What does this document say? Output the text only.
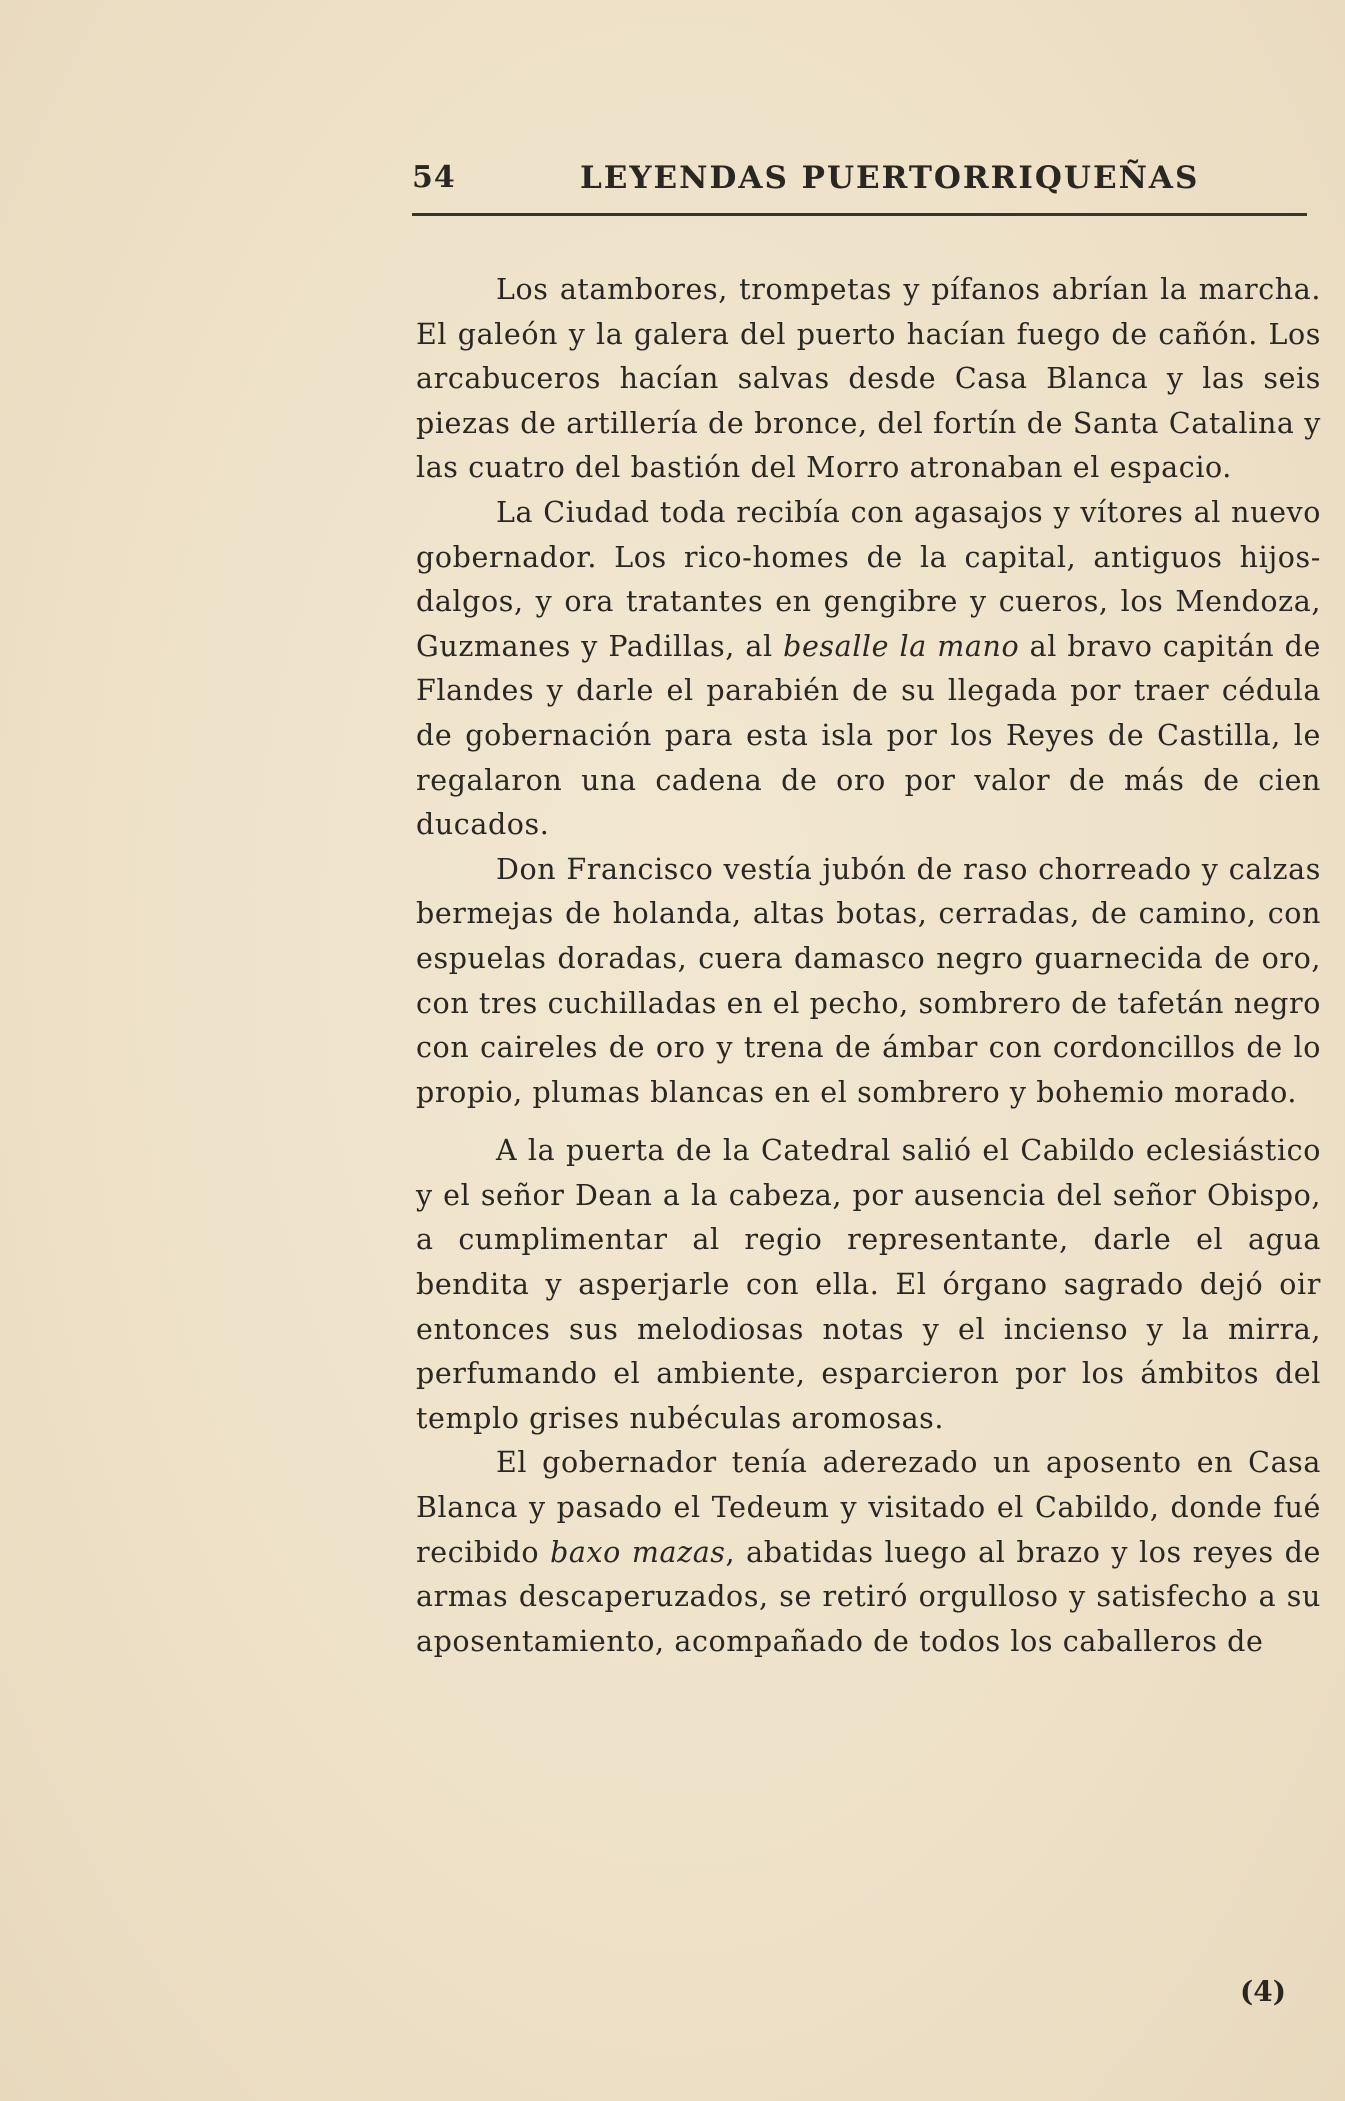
54	LEYENDAS PUERTORRIQUEÑAS

Los atambores, trompetas y pífanos abrían la marcha. El galeón y la galera del puerto hacían fuego de cañón. Los arcabuceros hacían salvas desde Casa Blanca y las seis piezas de artillería de bronce, del fortín de Santa Catalina y las cuatro del bastión del Morro atronaban el espacio.

La Ciudad toda recibía con agasajos y vítores al nuevo gobernador. Los rico-homes de la capital, antiguos hijos-dalgos, y ora tratantes en gengibre y cueros, los Mendoza, Guzmanes y Padillas, al besalle la mano al bravo capitán de Flandes y darle el parabién de su llegada por traer cédula de gobernación para esta isla por los Reyes de Castilla, le regalaron una cadena de oro por valor de más de cien ducados.

Don Francisco vestía jubón de raso chorreado y calzas bermejas de holanda, altas botas, cerradas, de camino, con espuelas doradas, cuera damasco negro guarnecida de oro, con tres cuchilladas en el pecho, sombrero de tafetán negro con caireles de oro y trena de ámbar con cordoncillos de lo propio, plumas blancas en el sombrero y bohemio morado.

A la puerta de la Catedral salió el Cabildo eclesiástico y el señor Dean a la cabeza, por ausencia del señor Obispo, a cumplimentar al regio representante, darle el agua bendita y asperjarle con ella. El órgano sagrado dejó oir entonces sus melodiosas notas y el incienso y la mirra, perfumando el ambiente, esparcieron por los ámbitos del templo grises nubéculas aromosas.

El gobernador tenía aderezado un aposento en Casa Blanca y pasado el Tedeum y visitado el Cabildo, donde fué recibido baxo mazas, abatidas luego al brazo y los reyes de armas descaperuzados, se retiró orgulloso y satisfecho a su aposentamiento, acompañado de todos los caballeros de

(4)
